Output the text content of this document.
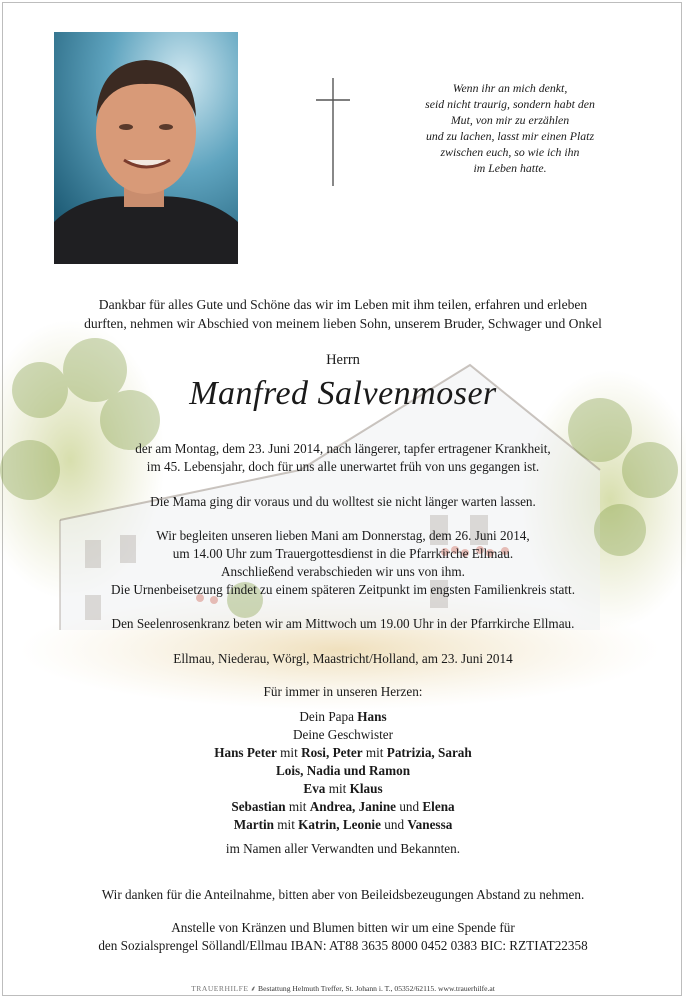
Wenn ihr an mich denkt,
seid nicht traurig, sondern habt den
Mut, von mir zu erzählen
und zu lachen, lasst mir einen Platz
zwischen euch, so wie ich ihn
im Leben hatte.
Dankbar für alles Gute und Schöne das wir im Leben mit ihm teilen, erfahren und erleben
durften, nehmen wir Abschied von meinem lieben Sohn, unserem Bruder, Schwager und Onkel
Herrn
Manfred Salvenmoser
der am Montag, dem 23. Juni 2014, nach längerer, tapfer ertragener Krankheit,
im 45. Lebensjahr, doch für uns alle unerwartet früh von uns gegangen ist.
Die Mama ging dir voraus und du wolltest sie nicht länger warten lassen.
Wir begleiten unseren lieben Mani am Donnerstag, dem 26. Juni 2014,
um 14.00 Uhr zum Trauergottesdienst in die Pfarrkirche Ellmau.
Anschließend verabschieden wir uns von ihm.
Die Urnenbeisetzung findet zu einem späteren Zeitpunkt im engsten Familienkreis statt.
Den Seelenrosenkranz beten wir am Mittwoch um 19.00 Uhr in der Pfarrkirche Ellmau.
Ellmau, Niederau, Wörgl, Maastricht/Holland, am 23. Juni 2014
Für immer in unseren Herzen:
Dein Papa Hans
Deine Geschwister
Hans Peter mit Rosi, Peter mit Patrizia, Sarah
Lois, Nadia und Ramon
Eva mit Klaus
Sebastian mit Andrea, Janine und Elena
Martin mit Katrin, Leonie und Vanessa
im Namen aller Verwandten und Bekannten.
Wir danken für die Anteilnahme, bitten aber von Beileidsbezeugungen Abstand zu nehmen.
Anstelle von Kränzen und Blumen bitten wir um eine Spende für
den Sozialsprengel Söllandl/Ellmau IBAN: AT88 3635 8000 0452 0383 BIC: RZTIAT22358
TRAUERHILFE ⸙ Bestattung Helmuth Treffer, St. Johann i. T., 05352/62115. www.trauerhilfe.at
